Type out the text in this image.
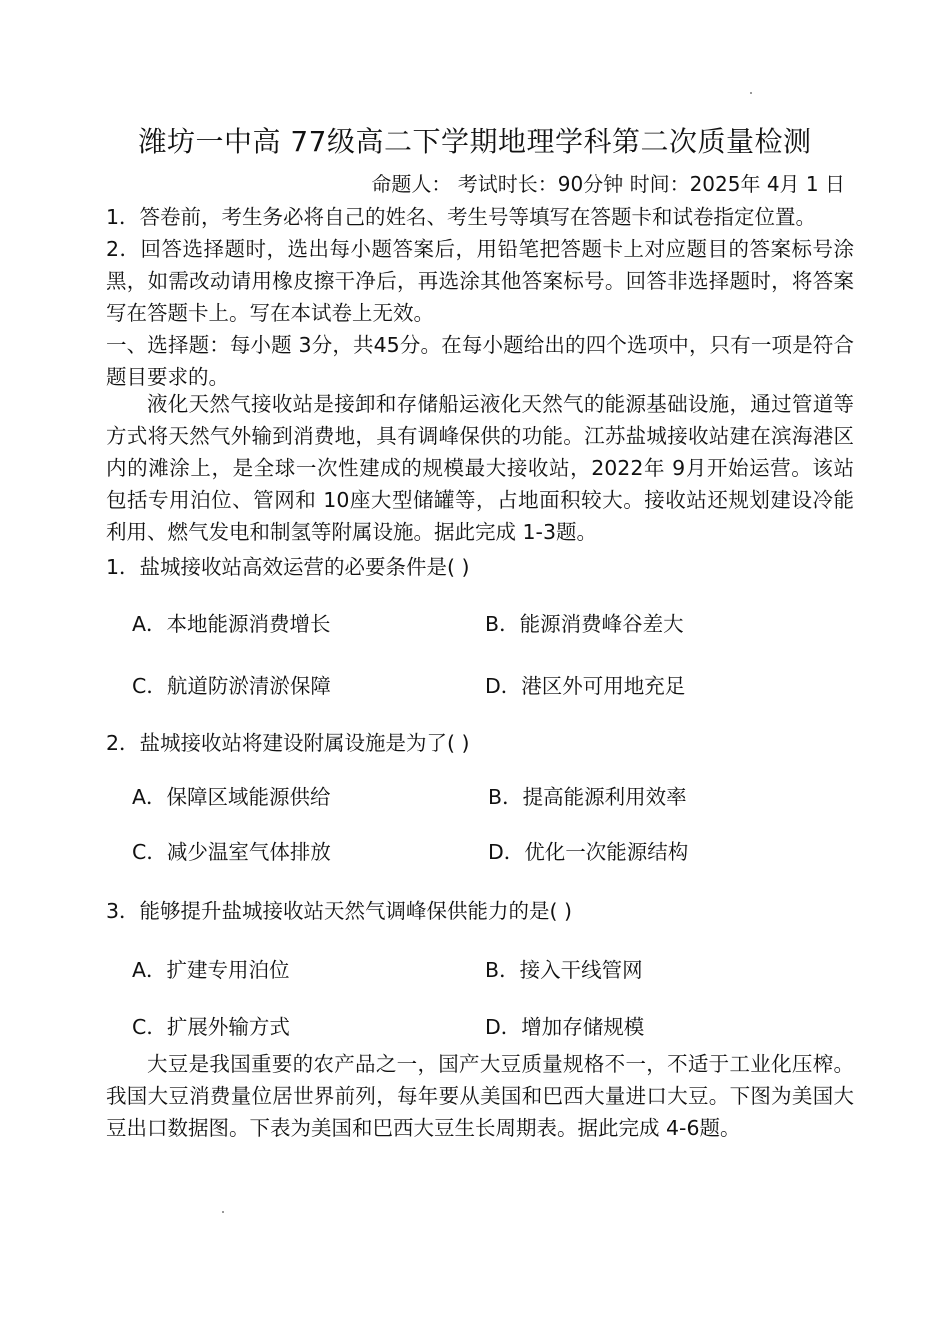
潍坊一中高 77级高二下学期地理学科第二次质量检测
命题人： 考试时长：90分钟 时间：2025年 4月 1 日
1．答卷前，考生务必将自己的姓名、考生号等填写在答题卡和试卷指定位置。
2．回答选择题时，选出每小题答案后，用铅笔把答题卡上对应题目的答案标号涂黑，如需改动请用橡皮擦干净后，再选涂其他答案标号。回答非选择题时，将答案写在答题卡上。写在本试卷上无效。
一、选择题：每小题 3分，共45分。在每小题给出的四个选项中，只有一项是符合题目要求的。
液化天然气接收站是接卸和存储船运液化天然气的能源基础设施，通过管道等方式将天然气外输到消费地，具有调峰保供的功能。江苏盐城接收站建在滨海港区内的滩涂上，是全球一次性建成的规模最大接收站，2022年 9月开始运营。该站包括专用泊位、管网和 10座大型储罐等，占地面积较大。接收站还规划建设冷能利用、燃气发电和制氢等附属设施。据此完成 1-3题。
1．盐城接收站高效运营的必要条件是( )
A．本地能源消费增长	B．能源消费峰谷差大
C．航道防淤清淤保障	D．港区外可用地充足
2．盐城接收站将建设附属设施是为了( )
A．保障区域能源供给	B．提高能源利用效率
C．减少温室气体排放	D．优化一次能源结构
3．能够提升盐城接收站天然气调峰保供能力的是( )
A．扩建专用泊位	B．接入干线管网
C．扩展外输方式	D．增加存储规模
大豆是我国重要的农产品之一，国产大豆质量规格不一，不适于工业化压榨。我国大豆消费量位居世界前列，每年要从美国和巴西大量进口大豆。下图为美国大豆出口数据图。下表为美国和巴西大豆生长周期表。据此完成 4-6题。
